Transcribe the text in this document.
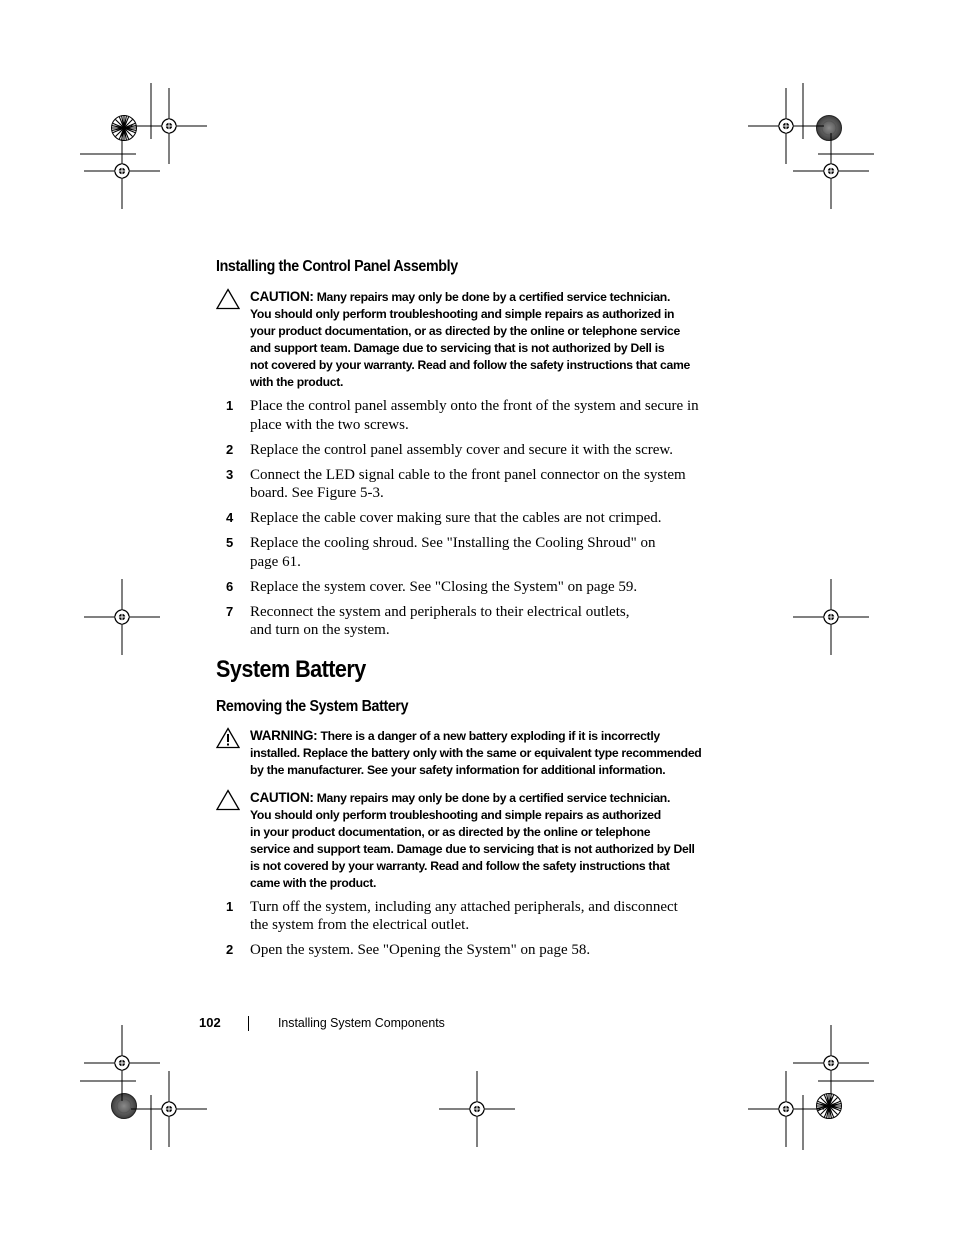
Installing the Control Panel Assembly
CAUTION: Many repairs may only be done by a certified service technician.
You should only perform troubleshooting and simple repairs as authorized in
your product documentation, or as directed by the online or telephone service
and support team. Damage due to servicing that is not authorized by Dell is
not covered by your warranty. Read and follow the safety instructions that came
with the product.
1 Place the control panel assembly onto the front of the system and secure in
place with the two screws.
2 Replace the control panel assembly cover and secure it with the screw.
3 Connect the LED signal cable to the front panel connector on the system
board. See Figure 5-3.
4 Replace the cable cover making sure that the cables are not crimped.
5 Replace the cooling shroud. See "Installing the Cooling Shroud" on
page 61.
6 Replace the system cover. See "Closing the System" on page 59.
7 Reconnect the system and peripherals to their electrical outlets,
and turn on the system.
System Battery
Removing the System Battery
WARNING: There is a danger of a new battery exploding if it is incorrectly
installed. Replace the battery only with the same or equivalent type recommended
by the manufacturer. See your safety information for additional information.
CAUTION: Many repairs may only be done by a certified service technician.
You should only perform troubleshooting and simple repairs as authorized
in your product documentation, or as directed by the online or telephone
service and support team. Damage due to servicing that is not authorized by Dell
is not covered by your warranty. Read and follow the safety instructions that
came with the product.
1 Turn off the system, including any attached peripherals, and disconnect
the system from the electrical outlet.
2 Open the system. See "Opening the System" on page 58.
102	Installing System Components
